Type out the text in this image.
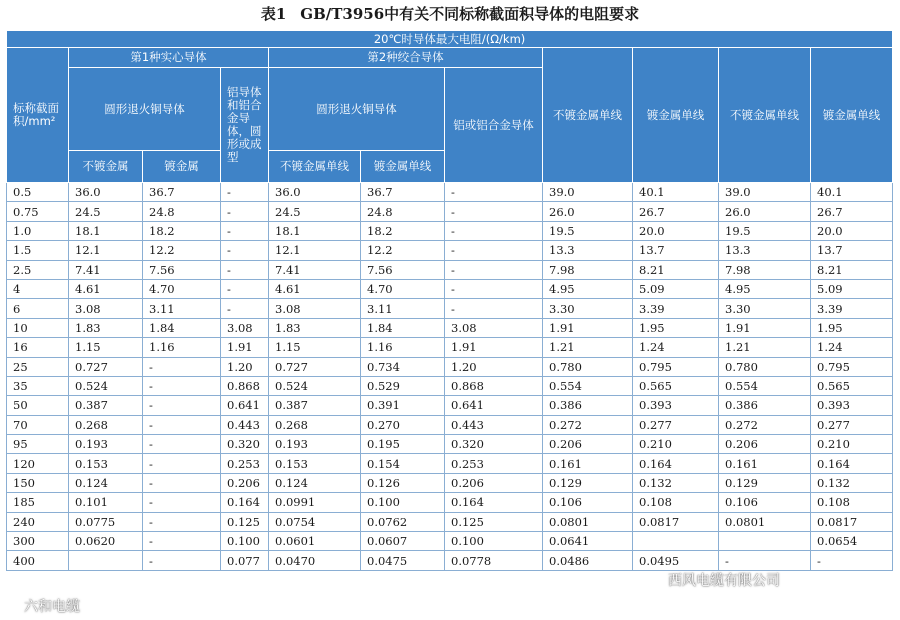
表1 GB/T3956中有关不同标称截面积导体的电阻要求
20℃时导体最大电阻/(Ω/km)										
标称截面积/mm²	第1种实心导体			第2种绞合导体			不镀金属单线	镀金属单线	不镀金属单线	镀金属单线
	圆形退火铜导体		铝导体和铝合金导体，圆形或成型	圆形退火铜导体		铝或铝合金导体				
	不镀金属	镀金属		不镀金属单线	镀金属单线					
0.5	36.0	36.7	-	36.0	36.7	-	39.0	40.1	39.0	40.1
0.75	24.5	24.8	-	24.5	24.8	-	26.0	26.7	26.0	26.7
1.0	18.1	18.2	-	18.1	18.2	-	19.5	20.0	19.5	20.0
1.5	12.1	12.2	-	12.1	12.2	-	13.3	13.7	13.3	13.7
2.5	7.41	7.56	-	7.41	7.56	-	7.98	8.21	7.98	8.21
4	4.61	4.70	-	4.61	4.70	-	4.95	5.09	4.95	5.09
6	3.08	3.11	-	3.08	3.11	-	3.30	3.39	3.30	3.39
10	1.83	1.84	3.08	1.83	1.84	3.08	1.91	1.95	1.91	1.95
16	1.15	1.16	1.91	1.15	1.16	1.91	1.21	1.24	1.21	1.24
25	0.727	-	1.20	0.727	0.734	1.20	0.780	0.795	0.780	0.795
35	0.524	-	0.868	0.524	0.529	0.868	0.554	0.565	0.554	0.565
50	0.387	-	0.641	0.387	0.391	0.641	0.386	0.393	0.386	0.393
70	0.268	-	0.443	0.268	0.270	0.443	0.272	0.277	0.272	0.277
95	0.193	-	0.320	0.193	0.195	0.320	0.206	0.210	0.206	0.210
120	0.153	-	0.253	0.153	0.154	0.253	0.161	0.164	0.161	0.164
150	0.124	-	0.206	0.124	0.126	0.206	0.129	0.132	0.129	0.132
185	0.101	-	0.164	0.0991	0.100	0.164	0.106	0.108	0.106	0.108
240	0.0775	-	0.125	0.0754	0.0762	0.125	0.0801	0.0817	0.0801	0.0817
300	0.0620	-	0.100	0.0601	0.0607	0.100	0.0641			0.0654
400		-	0.077	0.0470	0.0475	0.0778	0.0486	0.0495	-	-
西风电缆有限公司
六和电缆
